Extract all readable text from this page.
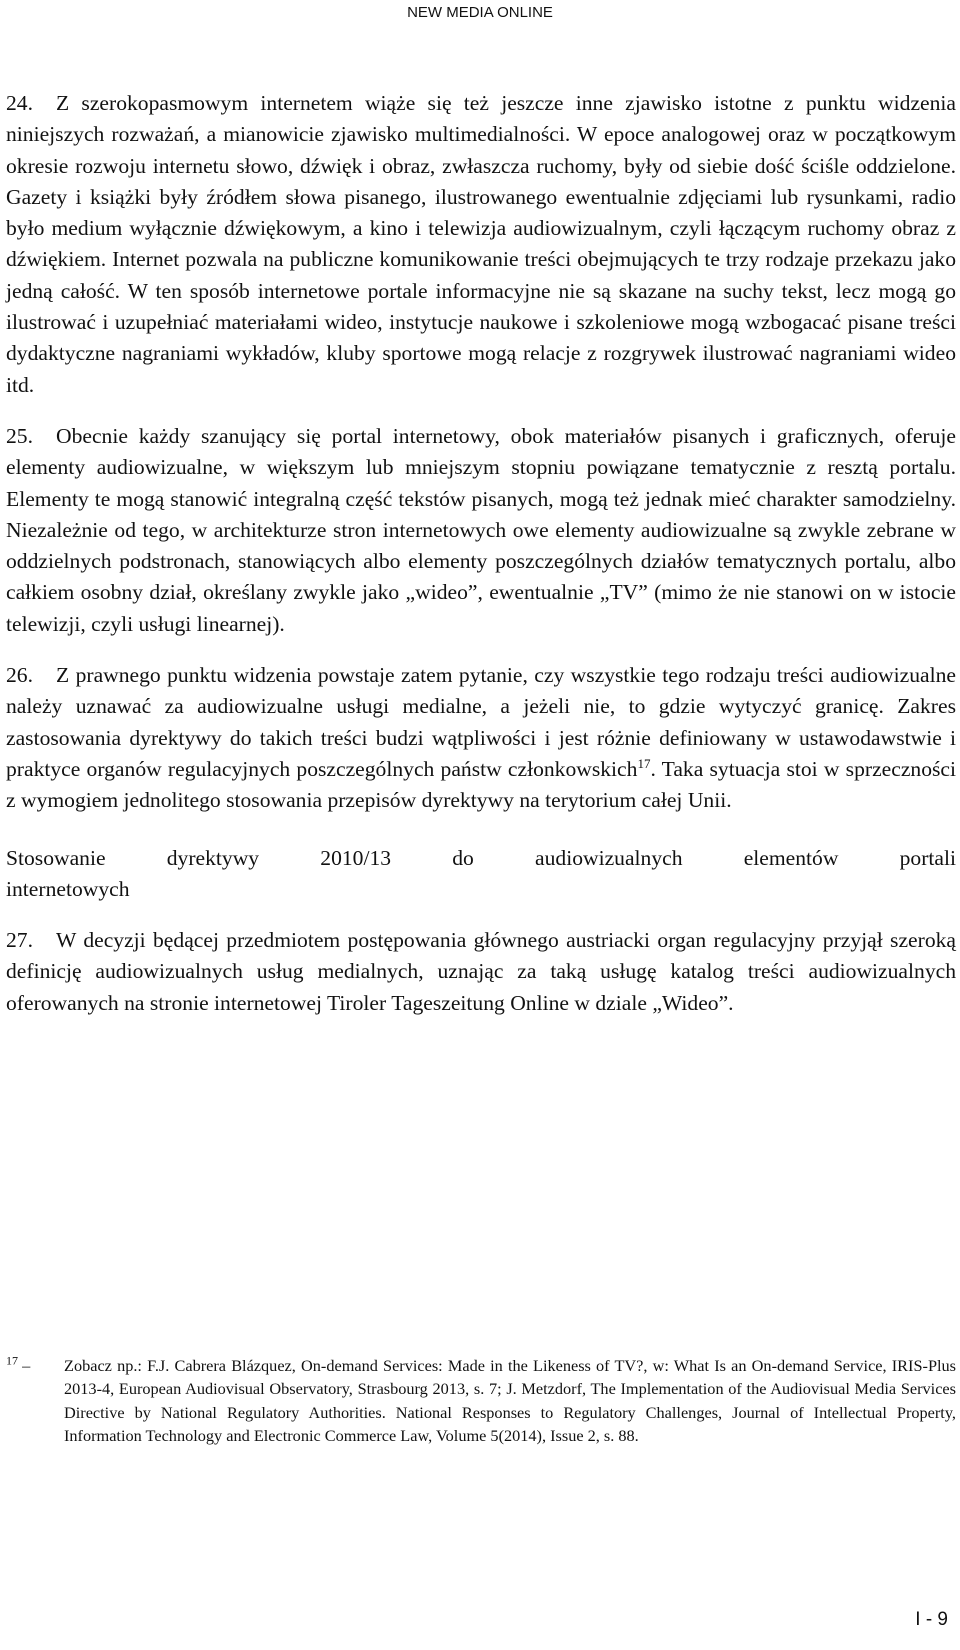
NEW MEDIA ONLINE

24. Z szerokopasmowym internetem wiąże się też jeszcze inne zjawisko istotne z punktu widzenia niniejszych rozważań, a mianowicie zjawisko multimedialności. W epoce analogowej oraz w początkowym okresie rozwoju internetu słowo, dźwięk i obraz, zwłaszcza ruchomy, były od siebie dość ściśle oddzielone. Gazety i książki były źródłem słowa pisanego, ilustrowanego ewentualnie zdjęciami lub rysunkami, radio było medium wyłącznie dźwiękowym, a kino i telewizja audiowizualnym, czyli łączącym ruchomy obraz z dźwiękiem. Internet pozwala na publiczne komunikowanie treści obejmujących te trzy rodzaje przekazu jako jedną całość. W ten sposób internetowe portale informacyjne nie są skazane na suchy tekst, lecz mogą go ilustrować i uzupełniać materiałami wideo, instytucje naukowe i szkoleniowe mogą wzbogacać pisane treści dydaktyczne nagraniami wykładów, kluby sportowe mogą relacje z rozgrywek ilustrować nagraniami wideo itd.

25. Obecnie każdy szanujący się portal internetowy, obok materiałów pisanych i graficznych, oferuje elementy audiowizualne, w większym lub mniejszym stopniu powiązane tematycznie z resztą portalu. Elementy te mogą stanowić integralną część tekstów pisanych, mogą też jednak mieć charakter samodzielny. Niezależnie od tego, w architekturze stron internetowych owe elementy audiowizualne są zwykle zebrane w oddzielnych podstronach, stanowiących albo elementy poszczególnych działów tematycznych portalu, albo całkiem osobny dział, określany zwykle jako „wideo”, ewentualnie „TV” (mimo że nie stanowi on w istocie telewizji, czyli usługi linearnej).

26. Z prawnego punktu widzenia powstaje zatem pytanie, czy wszystkie tego rodzaju treści audiowizualne należy uznawać za audiowizualne usługi medialne, a jeżeli nie, to gdzie wytyczyć granicę. Zakres zastosowania dyrektywy do takich treści budzi wątpliwości i jest różnie definiowany w ustawodawstwie i praktyce organów regulacyjnych poszczególnych państw członkowskich$^{17}$. Taka sytuacja stoi w sprzeczności z wymogiem jednolitego stosowania przepisów dyrektywy na terytorium całej Unii.

Stosowanie dyrektywy 2010/13 do audiowizualnych elementów portali

internetowych

27. W decyzji będącej przedmiotem postępowania głównego austriacki organ regulacyjny przyjął szeroką definicję audiowizualnych usług medialnych, uznając za taką usługę katalog treści audiowizualnych oferowanych na stronie internetowej Tiroler Tageszeitung Online w dziale „Wideo”.

$^{17}$ –	Zobacz np.: F.J. Cabrera Blázquez, On-demand Services: Made in the Likeness of TV?, w: What Is an On-demand Service, IRIS-Plus 2013-4, European Audiovisual Observatory, Strasbourg 2013, s. 7; J. Metzdorf, The Implementation of the Audiovisual Media Services Directive by National Regulatory Authorities. National Responses to Regulatory Challenges, Journal of Intellectual Property, Information Technology and Electronic Commerce Law, Volume 5(2014), Issue 2, s. 88.
I - 9
